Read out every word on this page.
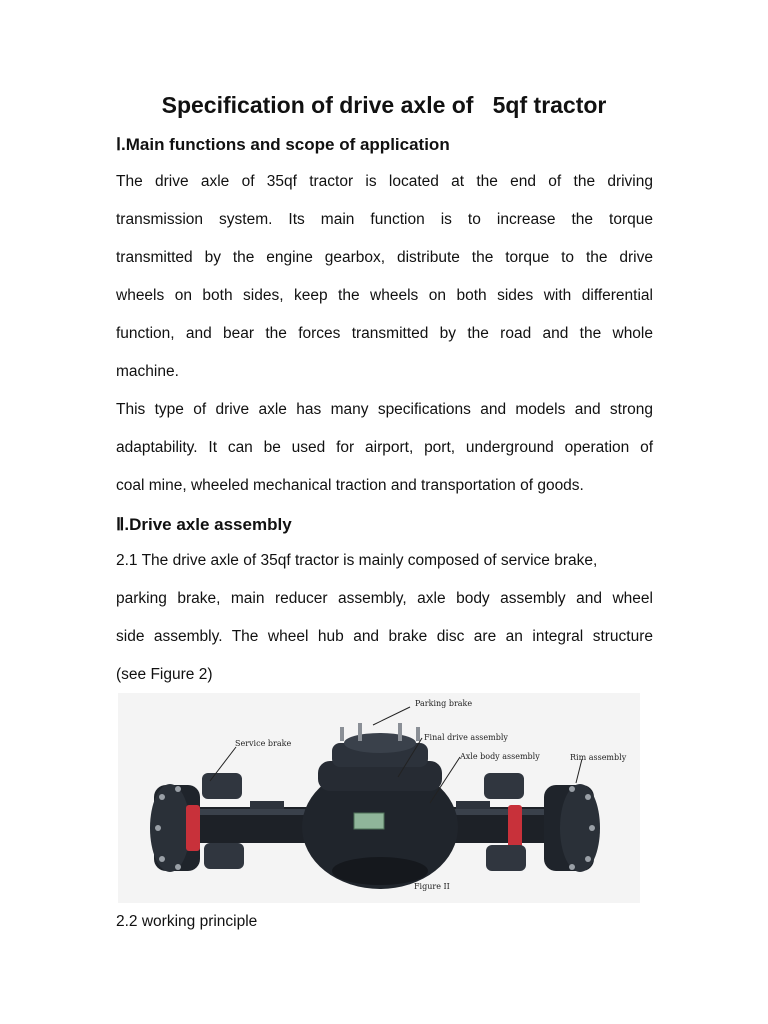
Specification of drive axle of   5qf tractor
Ⅰ.Main functions and scope of application
The drive axle of 35qf tractor is located at the end of the driving
transmission system. Its main function is to increase the torque
transmitted by the engine gearbox, distribute the torque to the drive
wheels on both sides, keep the wheels on both sides with differential
function, and bear the forces transmitted by the road and the whole
machine.
This type of drive axle has many specifications and models and strong
adaptability. It can be used for airport, port, underground operation of
coal mine, wheeled mechanical traction and transportation of goods.
Ⅱ.Drive axle assembly
2.1 The drive axle of 35qf tractor is mainly composed of service brake,
parking brake, main reducer assembly, axle body assembly and wheel
side assembly. The wheel hub and brake disc are an integral structure
(see Figure 2)
Parking brake
Final drive assembly
Service brake
Axle body assembly	Rim assembly
Figure II
2.2 working principle
